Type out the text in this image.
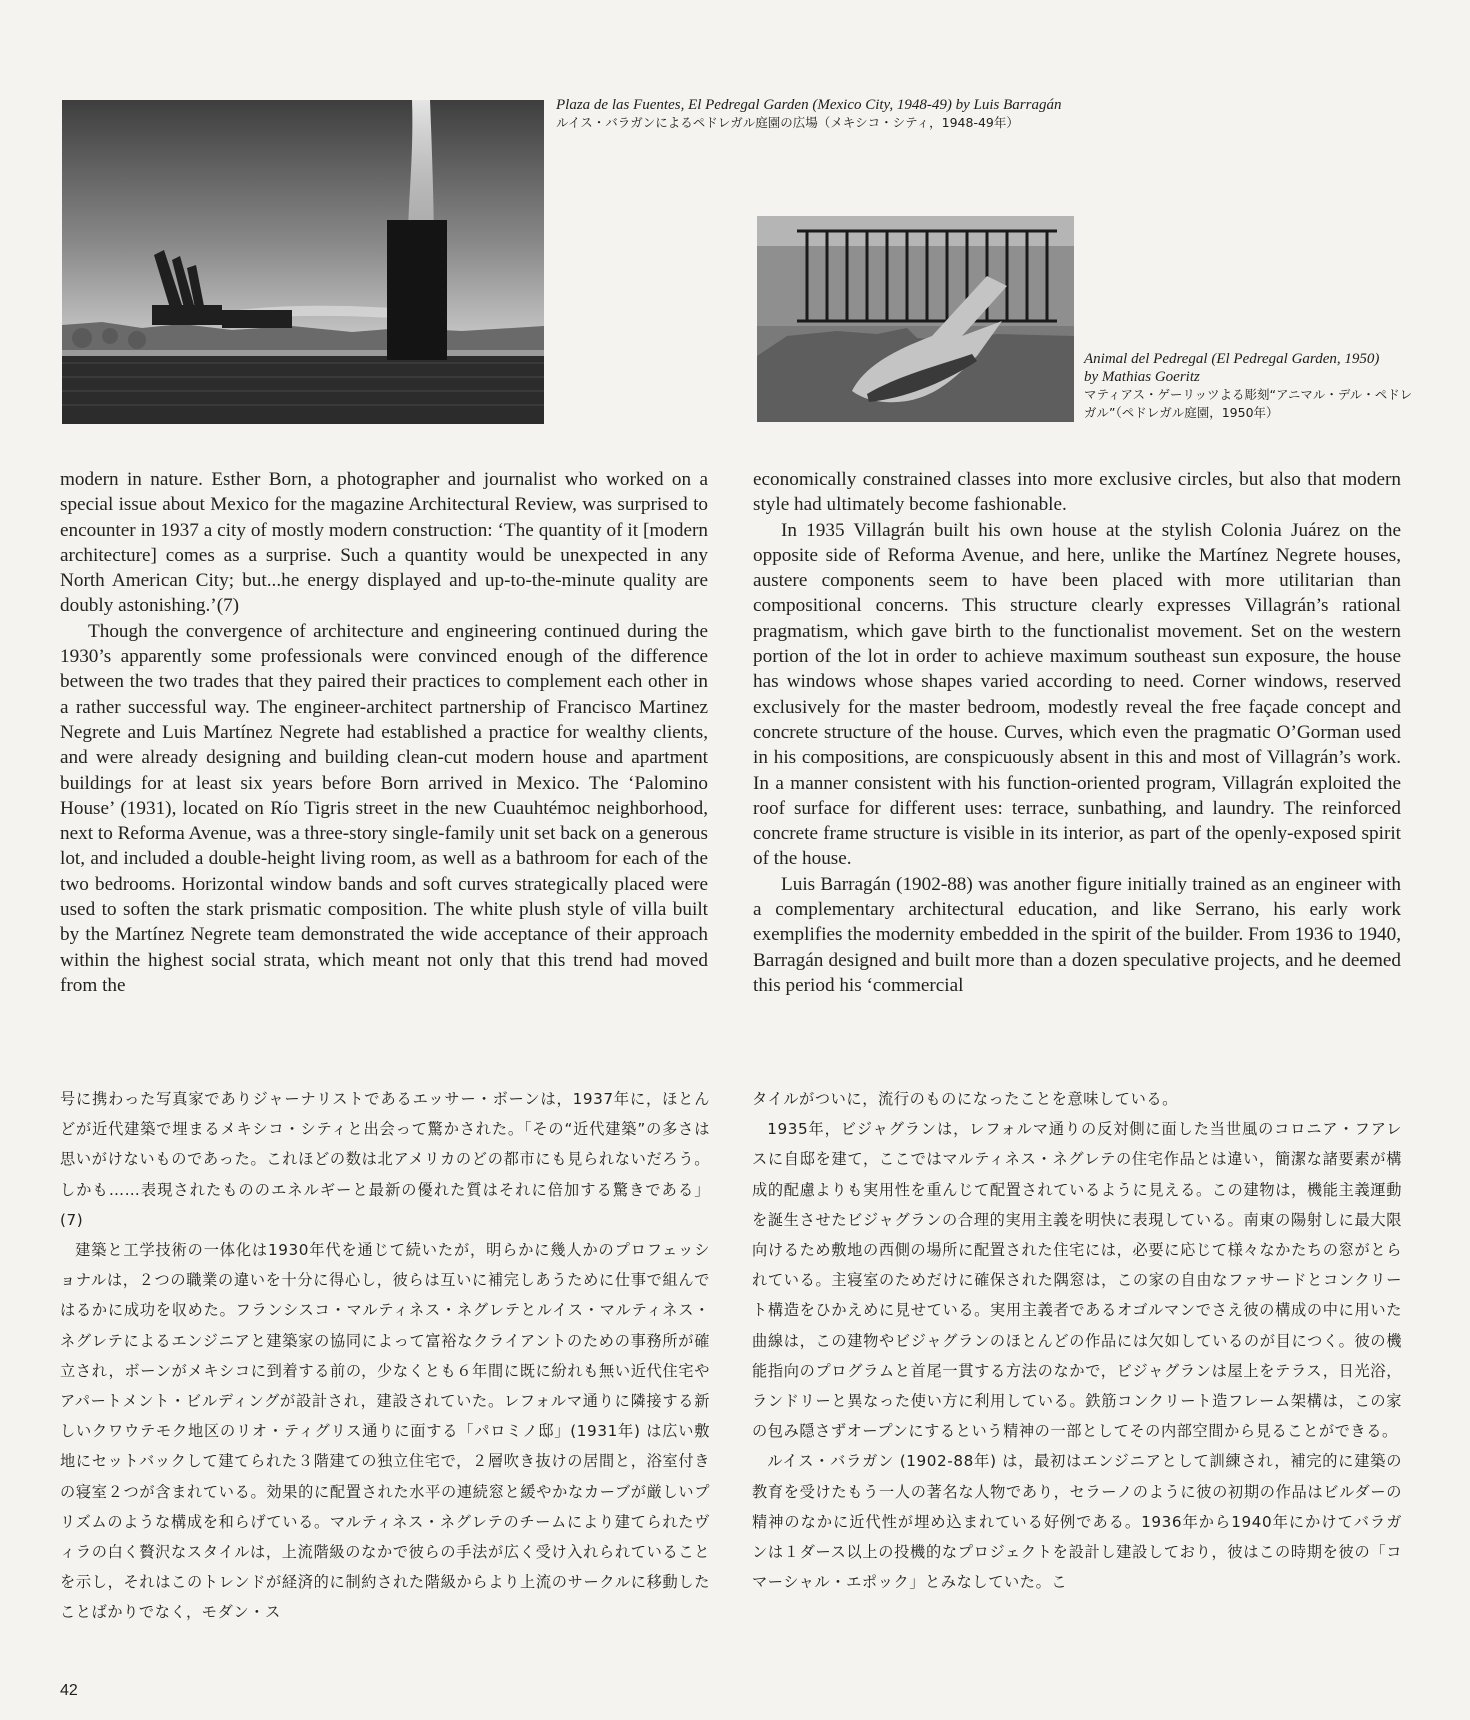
Plaza de las Fuentes, El Pedregal Garden (Mexico City, 1948-49) by Luis Barragán
ルイス・バラガンによるペドレガル庭園の広場（メキシコ・シティ，1948-49年）
Animal del Pedregal (El Pedregal Garden, 1950)
by Mathias Goeritz
マティアス・ゲーリッツよる彫刻“アニマル・デル・ペドレガル”（ペドレガル庭園，1950年）

modern in nature. Esther Born, a photographer and journalist who worked on a special issue about Mexico for the magazine Architectural Review, was surprised to encounter in 1937 a city of mostly modern construction: ‘The quantity of it [modern architecture] comes as a surprise. Such a quantity would be unexpected in any North American City; but...he energy displayed and up-to-the-minute quality are doubly astonishing.’(7)

Though the convergence of architecture and engineering continued during the 1930’s apparently some professionals were convinced enough of the difference between the two trades that they paired their practices to complement each other in a rather successful way. The engineer-architect partnership of Francisco Martinez Negrete and Luis Martínez Negrete had established a practice for wealthy clients, and were already designing and building clean-cut modern house and apartment buildings for at least six years before Born arrived in Mexico. The ‘Palomino House’ (1931), located on Río Tigris street in the new Cuauhtémoc neighborhood, next to Reforma Avenue, was a three-story single-family unit set back on a generous lot, and included a double-height living room, as well as a bathroom for each of the two bedrooms. Horizontal window bands and soft curves strategically placed were used to soften the stark prismatic composition. The white plush style of villa built by the Martínez Negrete team demonstrated the wide acceptance of their approach within the highest social strata, which meant not only that this trend had moved from the

economically constrained classes into more exclusive circles, but also that modern style had ultimately become fashionable.

In 1935 Villagrán built his own house at the stylish Colonia Juárez on the opposite side of Reforma Avenue, and here, unlike the Martínez Negrete houses, austere components seem to have been placed with more utilitarian than compositional concerns. This structure clearly expresses Villagrán’s rational pragmatism, which gave birth to the functionalist movement. Set on the western portion of the lot in order to achieve maximum southeast sun exposure, the house has windows whose shapes varied according to need. Corner windows, reserved exclusively for the master bedroom, modestly reveal the free façade concept and concrete structure of the house. Curves, which even the pragmatic O’Gorman used in his compositions, are conspicuously absent in this and most of Villagrán’s work. In a manner consistent with his function-oriented program, Villagrán exploited the roof surface for different uses: terrace, sunbathing, and laundry. The reinforced concrete frame structure is visible in its interior, as part of the openly-exposed spirit of the house.

Luis Barragán (1902-88) was another figure initially trained as an engineer with a complementary architectural education, and like Serrano, his early work exemplifies the modernity embedded in the spirit of the builder. From 1936 to 1940, Barragán designed and built more than a dozen speculative projects, and he deemed this period his ‘commercial

号に携わった写真家でありジャーナリストであるエッサー・ボーンは，1937年に，ほとんどが近代建築で埋まるメキシコ・シティと出会って驚かされた。「その“近代建築”の多さは思いがけないものであった。これほどの数は北アメリカのどの都市にも見られないだろう。しかも……表現されたもののエネルギーと最新の優れた質はそれに倍加する驚きである」(7)

建築と工学技術の一体化は1930年代を通じて続いたが，明らかに幾人かのプロフェッショナルは，２つの職業の違いを十分に得心し，彼らは互いに補完しあうために仕事で組んではるかに成功を収めた。フランシスコ・マルティネス・ネグレテとルイス・マルティネス・ネグレテによるエンジニアと建築家の協同によって富裕なクライアントのための事務所が確立され，ボーンがメキシコに到着する前の，少なくとも６年間に既に紛れも無い近代住宅やアパートメント・ビルディングが設計され，建設されていた。レフォルマ通りに隣接する新しいクワウテモク地区のリオ・ティグリス通りに面する「パロミノ邸」(1931年) は広い敷地にセットバックして建てられた３階建ての独立住宅で，２層吹き抜けの居間と，浴室付きの寝室２つが含まれている。効果的に配置された水平の連続窓と緩やかなカーブが厳しいプリズムのような構成を和らげている。マルティネス・ネグレテのチームにより建てられたヴィラの白く贅沢なスタイルは，上流階級のなかで彼らの手法が広く受け入れられていることを示し，それはこのトレンドが経済的に制約された階級からより上流のサークルに移動したことばかりでなく，モダン・ス

タイルがついに，流行のものになったことを意味している。

1935年，ビジャグランは，レフォルマ通りの反対側に面した当世風のコロニア・フアレスに自邸を建て，ここではマルティネス・ネグレテの住宅作品とは違い，簡潔な諸要素が構成的配慮よりも実用性を重んじて配置されているように見える。この建物は，機能主義運動を誕生させたビジャグランの合理的実用主義を明快に表現している。南東の陽射しに最大限向けるため敷地の西側の場所に配置された住宅には，必要に応じて様々なかたちの窓がとられている。主寝室のためだけに確保された隅窓は，この家の自由なファサードとコンクリート構造をひかえめに見せている。実用主義者であるオゴルマンでさえ彼の構成の中に用いた曲線は，この建物やビジャグランのほとんどの作品には欠如しているのが目につく。彼の機能指向のプログラムと首尾一貫する方法のなかで，ビジャグランは屋上をテラス，日光浴，ランドリーと異なった使い方に利用している。鉄筋コンクリート造フレーム架構は，この家の包み隠さずオープンにするという精神の一部としてその内部空間から見ることができる。

ルイス・バラガン (1902-88年) は，最初はエンジニアとして訓練され，補完的に建築の教育を受けたもう一人の著名な人物であり，セラーノのように彼の初期の作品はビルダーの精神のなかに近代性が埋め込まれている好例である。1936年から1940年にかけてバラガンは１ダース以上の投機的なプロジェクトを設計し建設しており，彼はこの時期を彼の「コマーシャル・エポック」とみなしていた。こ

42
